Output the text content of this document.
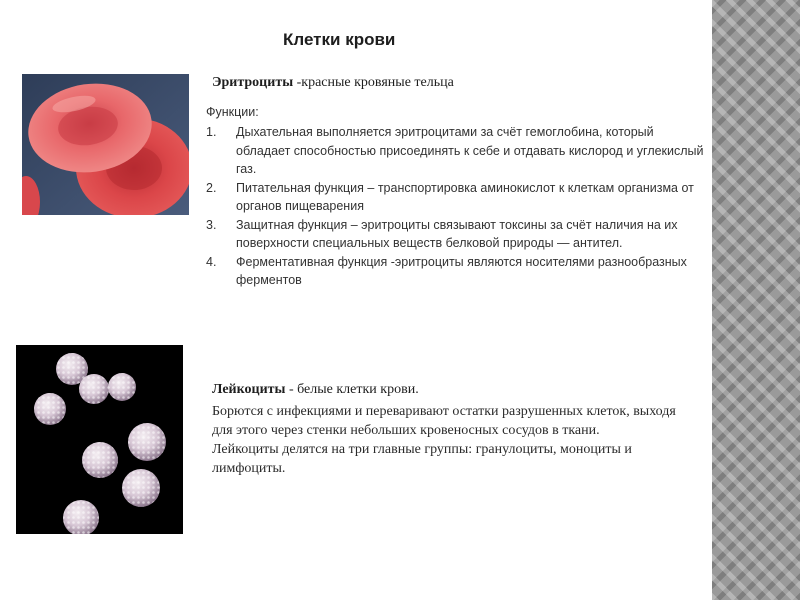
Клетки крови
Эритроциты -красные кровяные тельца
Функции:
1. Дыхательная выполняется эритроцитами за счёт гемоглобина, который обладает способностью присоединять к себе и отдавать кислород и углекислый газ.
2. Питательная функция – транспортировка аминокислот к клеткам организма от органов пищеварения
3. Защитная функция – эритроциты связывают токсины за счёт наличия на их поверхности специальных веществ белковой природы — антител.
4. Ферментативная функция -эритроциты являются носителями разнообразных ферментов
Лейкоциты - белые клетки крови.

Борются с инфекциями и переваривают остатки разрушенных клеток, выходя для этого через стенки небольших кровеносных сосудов в ткани.

Лейкоциты делятся на три главные группы: гранулоциты, моноциты и лимфоциты.
